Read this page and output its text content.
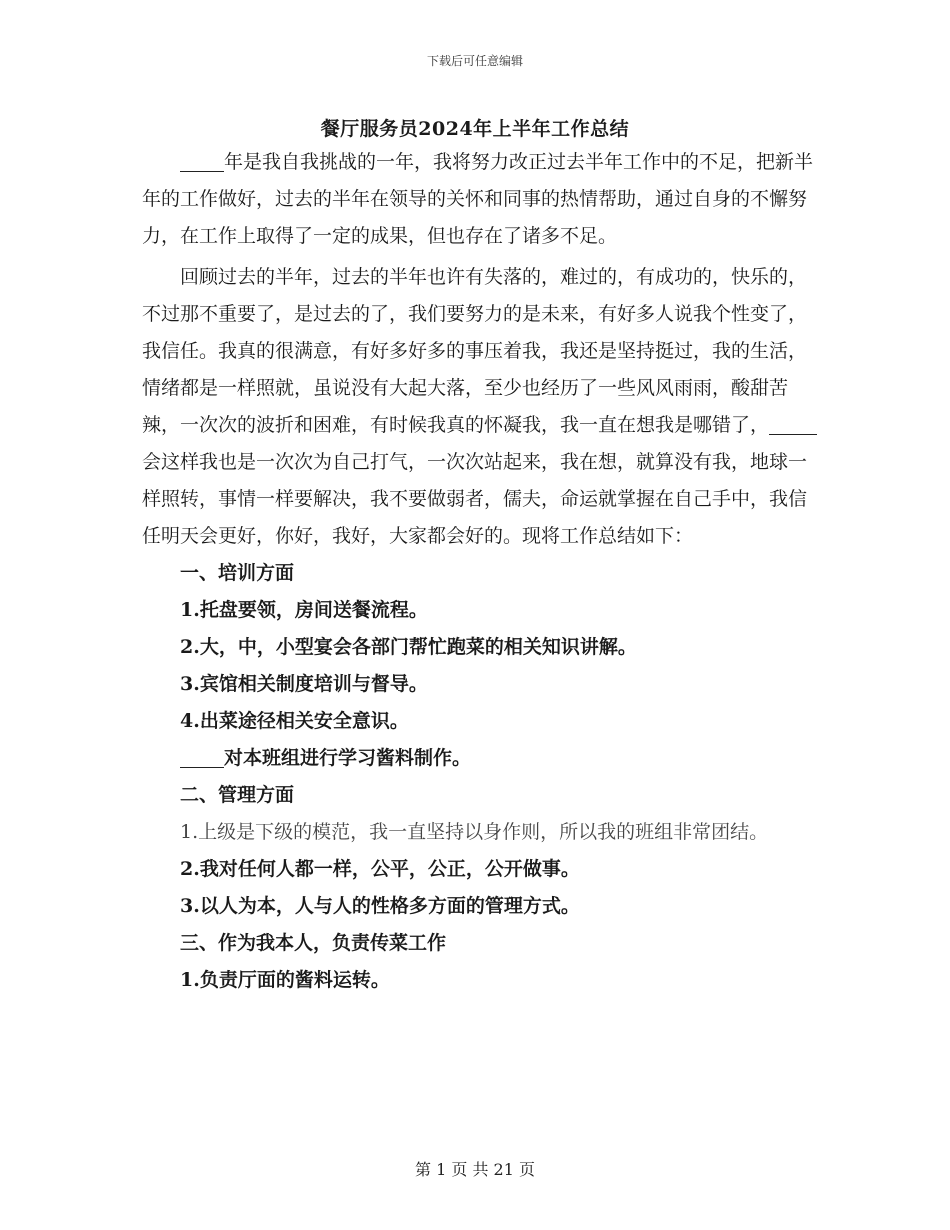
下载后可任意编辑
餐厅服务员2024年上半年工作总结

年是我自我挑战的一年，我将努力改正过去半年工作中的不足，把新半年的工作做好，过去的半年在领导的关怀和同事的热情帮助，通过自身的不懈努力，在工作上取得了一定的成果，但也存在了诸多不足。

回顾过去的半年，过去的半年也许有失落的，难过的，有成功的，快乐的，不过那不重要了，是过去的了，我们要努力的是未来，有好多人说我个性变了，我信任。我真的很满意，有好多好多的事压着我，我还是坚持挺过，我的生活，情绪都是一样照就，虽说没有大起大落，至少也经历了一些风风雨雨，酸甜苦辣，一次次的波折和困难，有时候我真的怀凝我，我一直在想我是哪错了，会这样我也是一次次为自己打气，一次次站起来，我在想，就算没有我，地球一样照转，事情一样要解决，我不要做弱者，儒夫，命运就掌握在自己手中，我信任明天会更好，你好，我好，大家都会好的。现将工作总结如下：

一、培训方面

1.托盘要领，房间送餐流程。

2.大，中，小型宴会各部门帮忙跑菜的相关知识讲解。

3.宾馆相关制度培训与督导。

4.出菜途径相关安全意识。

对本班组进行学习酱料制作。

二、管理方面

1.上级是下级的模范，我一直坚持以身作则，所以我的班组非常团结。

2.我对任何人都一样，公平，公正，公开做事。

3.以人为本，人与人的性格多方面的管理方式。

三、作为我本人，负责传菜工作

1.负责厅面的酱料运转。

第 1 页 共 21 页
